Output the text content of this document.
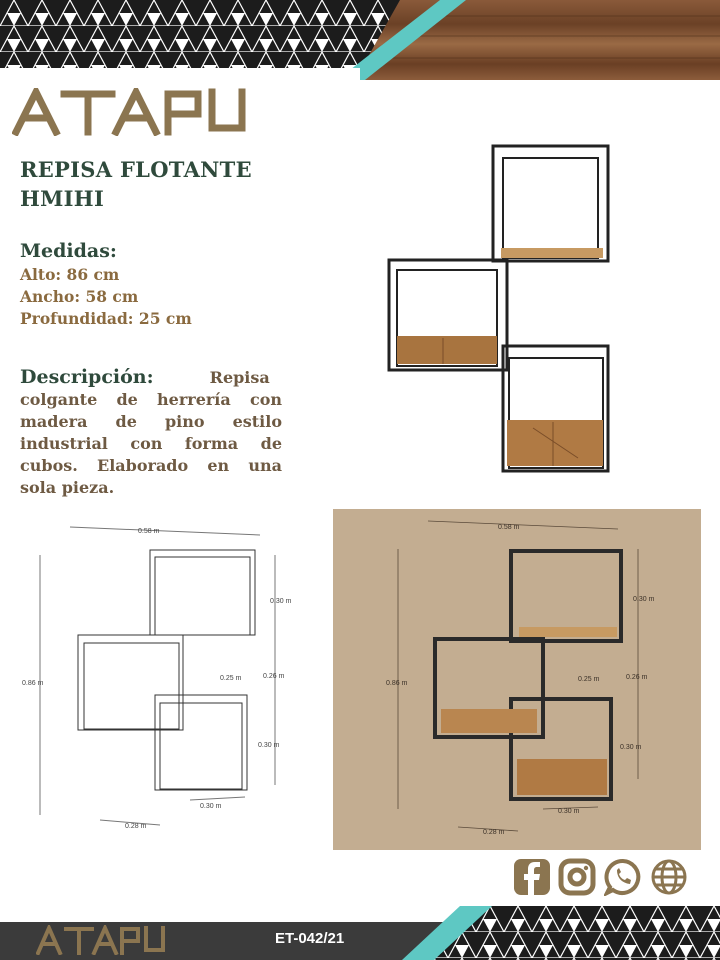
REPISA FLOTANTE
HMIHI
Medidas:
Alto: 86 cm
Ancho: 58 cm
Profundidad: 25 cm
Descripción:	Repisa colgante de herrería con madera de pino estilo industrial con forma de cubos. Elaborado en una sola pieza.
0.58 m
0.86 m
0.30 m
0.26 m
0.25 m
0.30 m
0.30 m
0.28 m
0.58 m
0.86 m
0.30 m
0.26 m
0.25 m
0.30 m
0.30 m
0.28 m
ET-042/21
